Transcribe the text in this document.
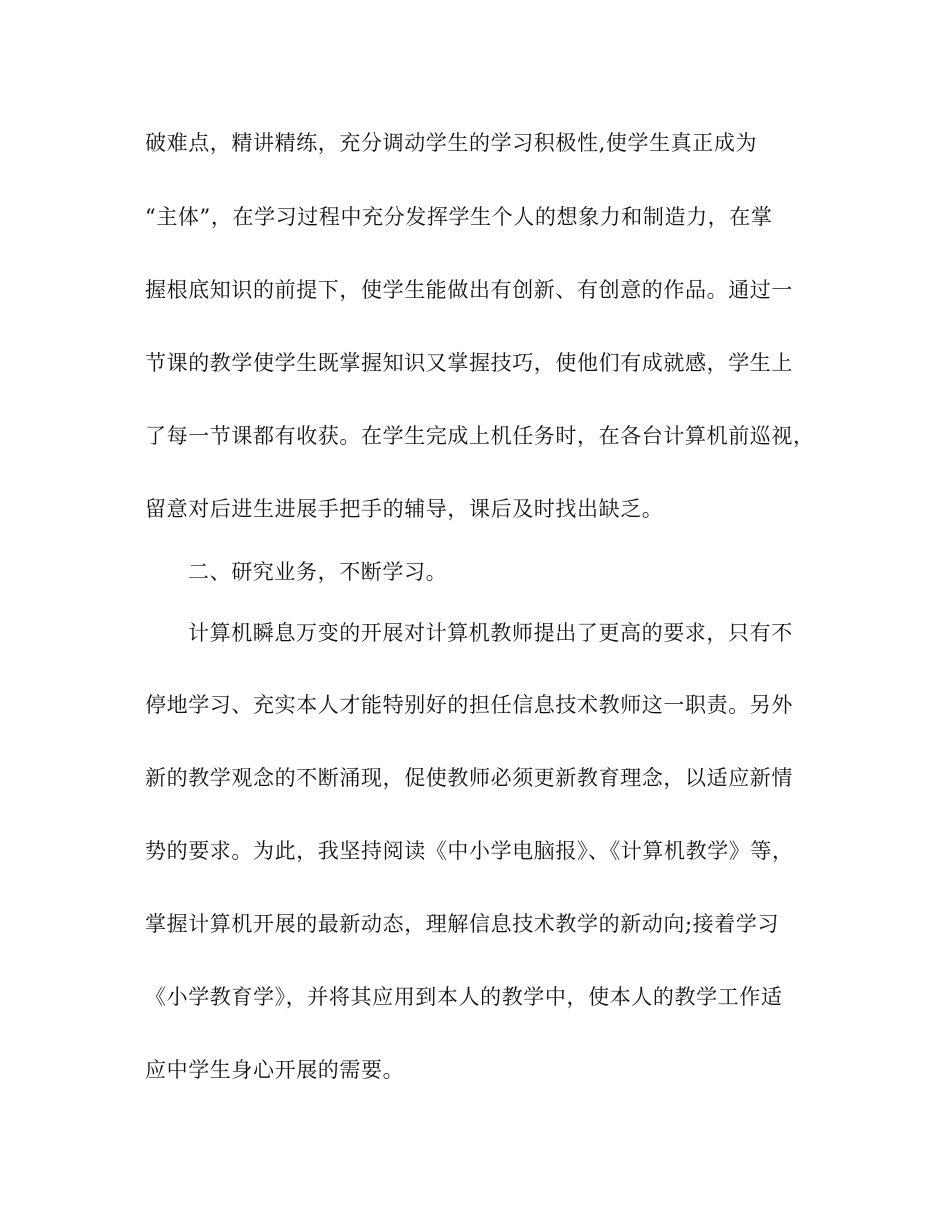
破难点，精讲精练，充分调动学生的学习积极性,使学生真正成为

“主体”，在学习过程中充分发挥学生个人的想象力和制造力，在掌

握根底知识的前提下，使学生能做出有创新、有创意的作品。通过一

节课的教学使学生既掌握知识又掌握技巧，使他们有成就感，学生上

了每一节课都有收获。在学生完成上机任务时，在各台计算机前巡视，

留意对后进生进展手把手的辅导，课后及时找出缺乏。

二、研究业务，不断学习。

计算机瞬息万变的开展对计算机教师提出了更高的要求，只有不

停地学习、充实本人才能特别好的担任信息技术教师这一职责。另外

新的教学观念的不断涌现，促使教师必须更新教育理念，以适应新情

势的要求。为此，我坚持阅读《中小学电脑报》、《计算机教学》等，

掌握计算机开展的最新动态，理解信息技术教学的新动向;接着学习

《小学教育学》，并将其应用到本人的教学中，使本人的教学工作适

应中学生身心开展的需要。
